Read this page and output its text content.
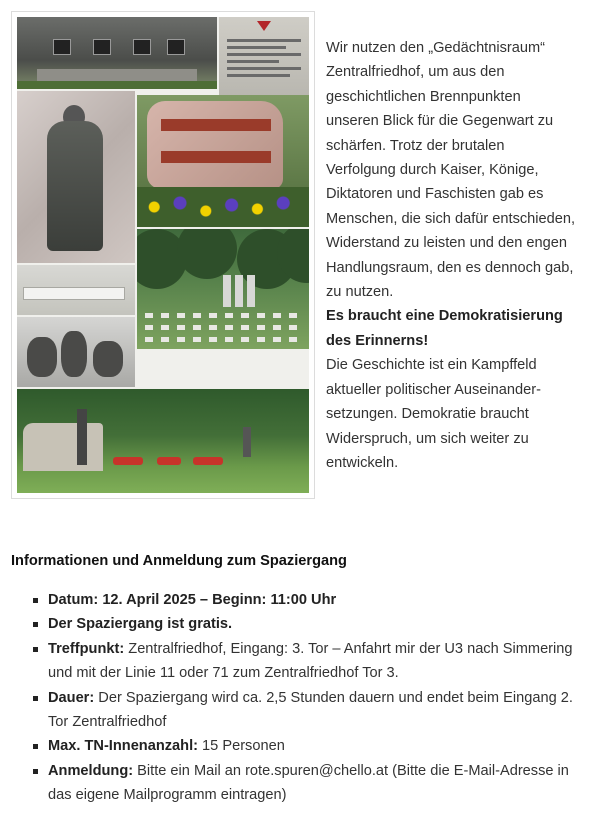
Wir nutzen den „Gedächtnisraum“ Zentralfriedhof, um aus den geschichtlichen Brennpunkten unseren Blick für die Gegenwart zu schärfen. Trotz der brutalen Verfolgung durch Kaiser, Könige, Diktatoren und Faschisten gab es Menschen, die sich dafür entschieden, Widerstand zu leisten und den engen Handlungsraum, den es dennoch gab, zu nutzen.

Es braucht eine Demokratisierung des Erinnerns!

Die Geschichte ist ein Kampffeld aktueller politischer Auseinander-setzungen. Demokratie braucht Widerspruch, um sich weiter zu entwickeln.

Informationen und Anmeldung zum Spaziergang
Datum: 12. April 2025 – Beginn: 11:00 Uhr
Der Spaziergang ist gratis.
Treffpunkt: Zentralfriedhof, Eingang: 3. Tor – Anfahrt mir der U3 nach Simmering und mit der Linie 11 oder 71 zum Zentralfriedhof Tor 3.
Dauer: Der Spaziergang wird ca. 2,5 Stunden dauern und endet beim Eingang 2. Tor Zentralfriedhof
Max. TN-Innenanzahl: 15 Personen
Anmeldung: Bitte ein Mail an rote.spuren@chello.at (Bitte die E-Mail-Adresse in das eigene Mailprogramm eintragen)
